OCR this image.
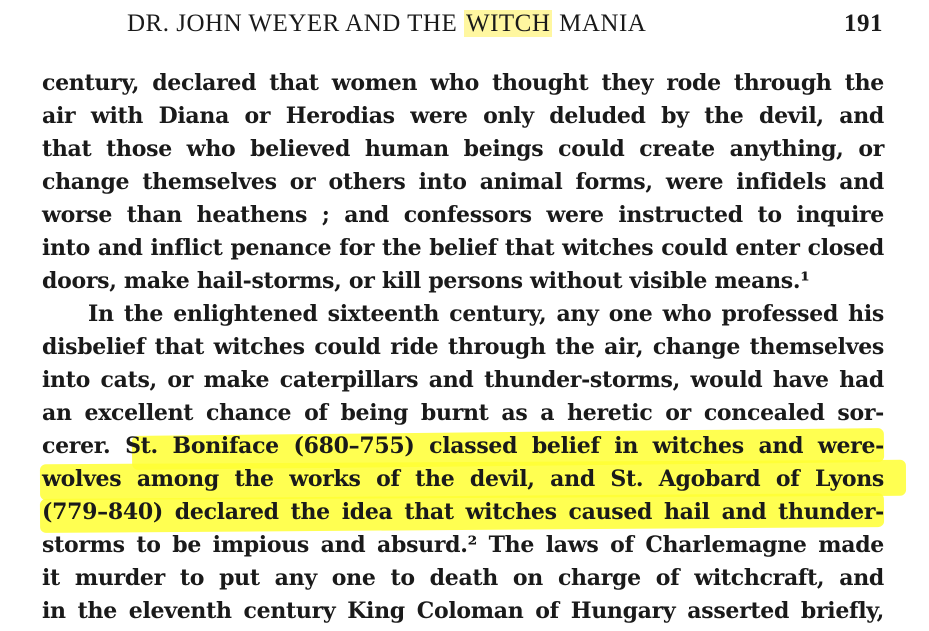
DR. JOHN WEYER AND THE WITCH MANIA	191
century, declared that women who thought they rode through the
air with Diana or Herodias were only deluded by the devil, and
that those who believed human beings could create anything, or
change themselves or others into animal forms, were infidels and
worse than heathens ; and confessors were instructed to inquire
into and inflict penance for the belief that witches could enter closed
doors, make hail-storms, or kill persons without visible means.¹
In the enlightened sixteenth century, any one who professed his
disbelief that witches could ride through the air, change themselves
into cats, or make caterpillars and thunder-storms, would have had
an excellent chance of being burnt as a heretic or concealed sor-
cerer. St. Boniface (680–755) classed belief in witches and were-
wolves among the works of the devil, and St. Agobard of Lyons
(779–840) declared the idea that witches caused hail and thunder-
storms to be impious and absurd.² The laws of Charlemagne made
it murder to put any one to death on charge of witchcraft, and
in the eleventh century King Coloman of Hungary asserted briefly,
